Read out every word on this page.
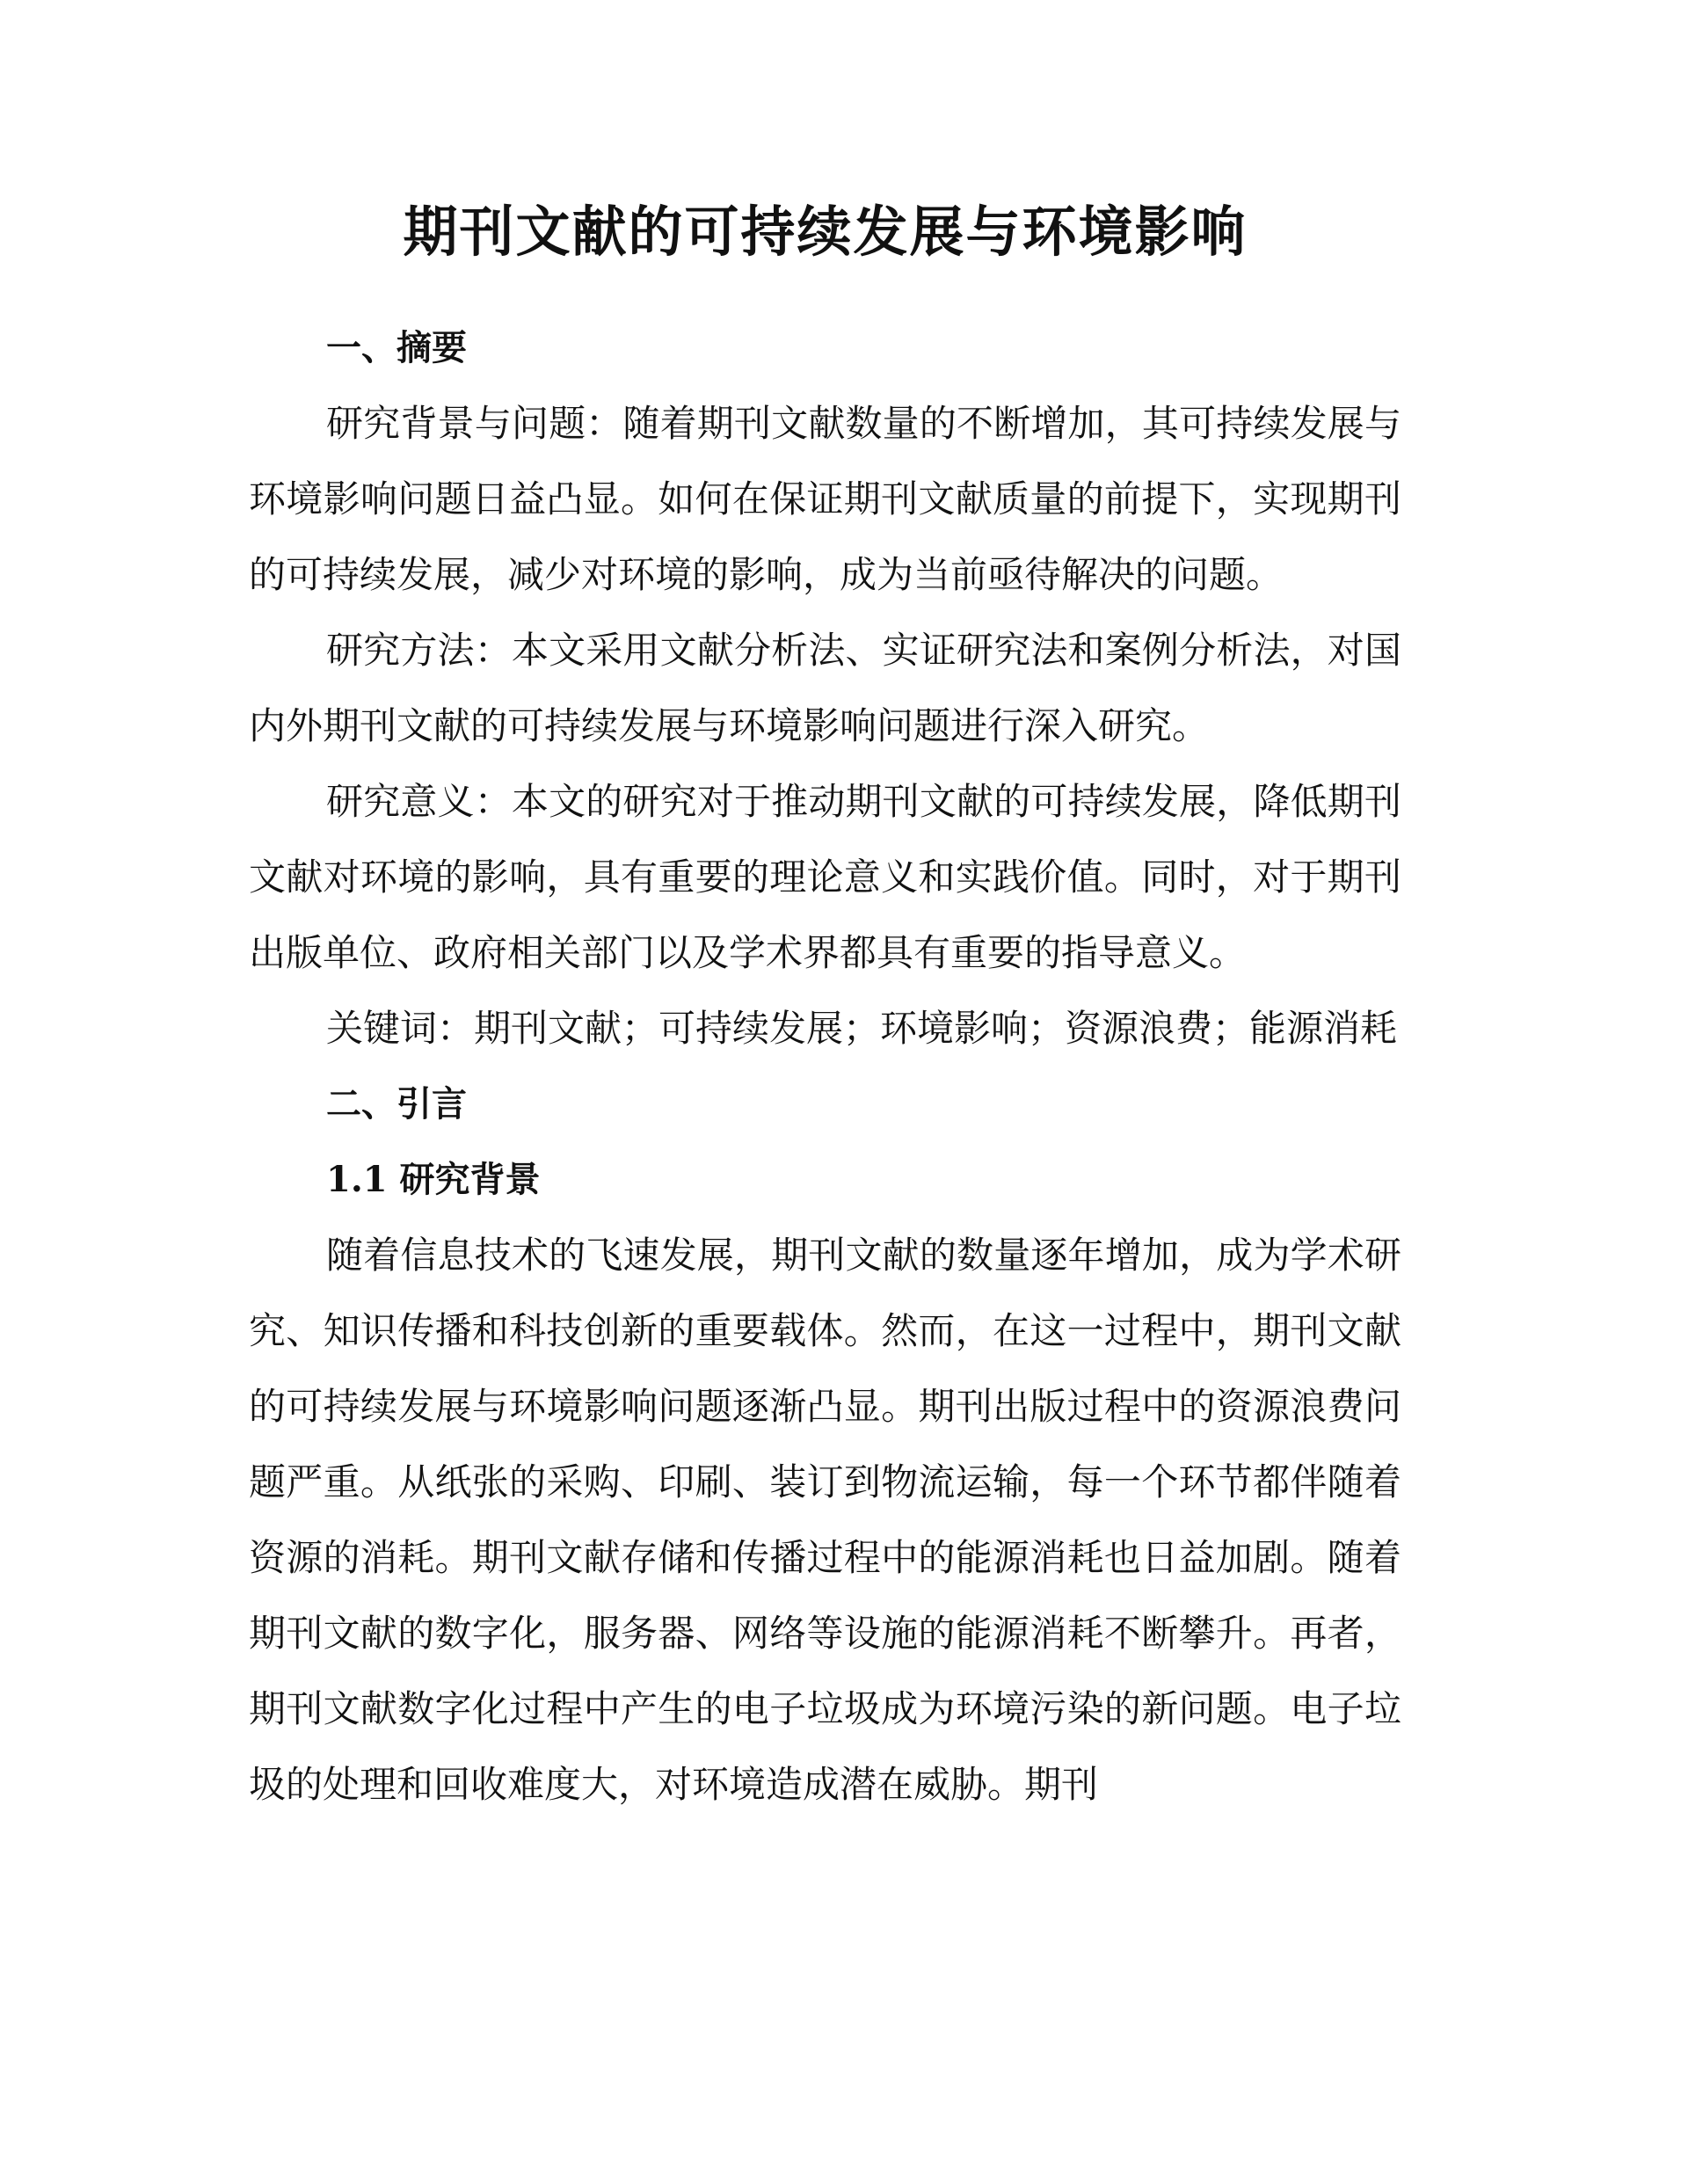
期刊文献的可持续发展与环境影响
一、摘要

研究背景与问题：随着期刊文献数量的不断增加，其可持续发展与环境影响问题日益凸显。如何在保证期刊文献质量的前提下，实现期刊的可持续发展，减少对环境的影响，成为当前亟待解决的问题。

研究方法：本文采用文献分析法、实证研究法和案例分析法，对国内外期刊文献的可持续发展与环境影响问题进行深入研究。

研究意义：本文的研究对于推动期刊文献的可持续发展，降低期刊文献对环境的影响，具有重要的理论意义和实践价值。同时，对于期刊出版单位、政府相关部门以及学术界都具有重要的指导意义。

关键词：期刊文献；可持续发展；环境影响；资源浪费；能源消耗

二、引言
1.1 研究背景

随着信息技术的飞速发展，期刊文献的数量逐年增加，成为学术研究、知识传播和科技创新的重要载体。然而，在这一过程中，期刊文献的可持续发展与环境影响问题逐渐凸显。期刊出版过程中的资源浪费问题严重。从纸张的采购、印刷、装订到物流运输，每一个环节都伴随着资源的消耗。期刊文献存储和传播过程中的能源消耗也日益加剧。随着期刊文献的数字化，服务器、网络等设施的能源消耗不断攀升。再者，期刊文献数字化过程中产生的电子垃圾成为环境污染的新问题。电子垃圾的处理和回收难度大，对环境造成潜在威胁。期刊
